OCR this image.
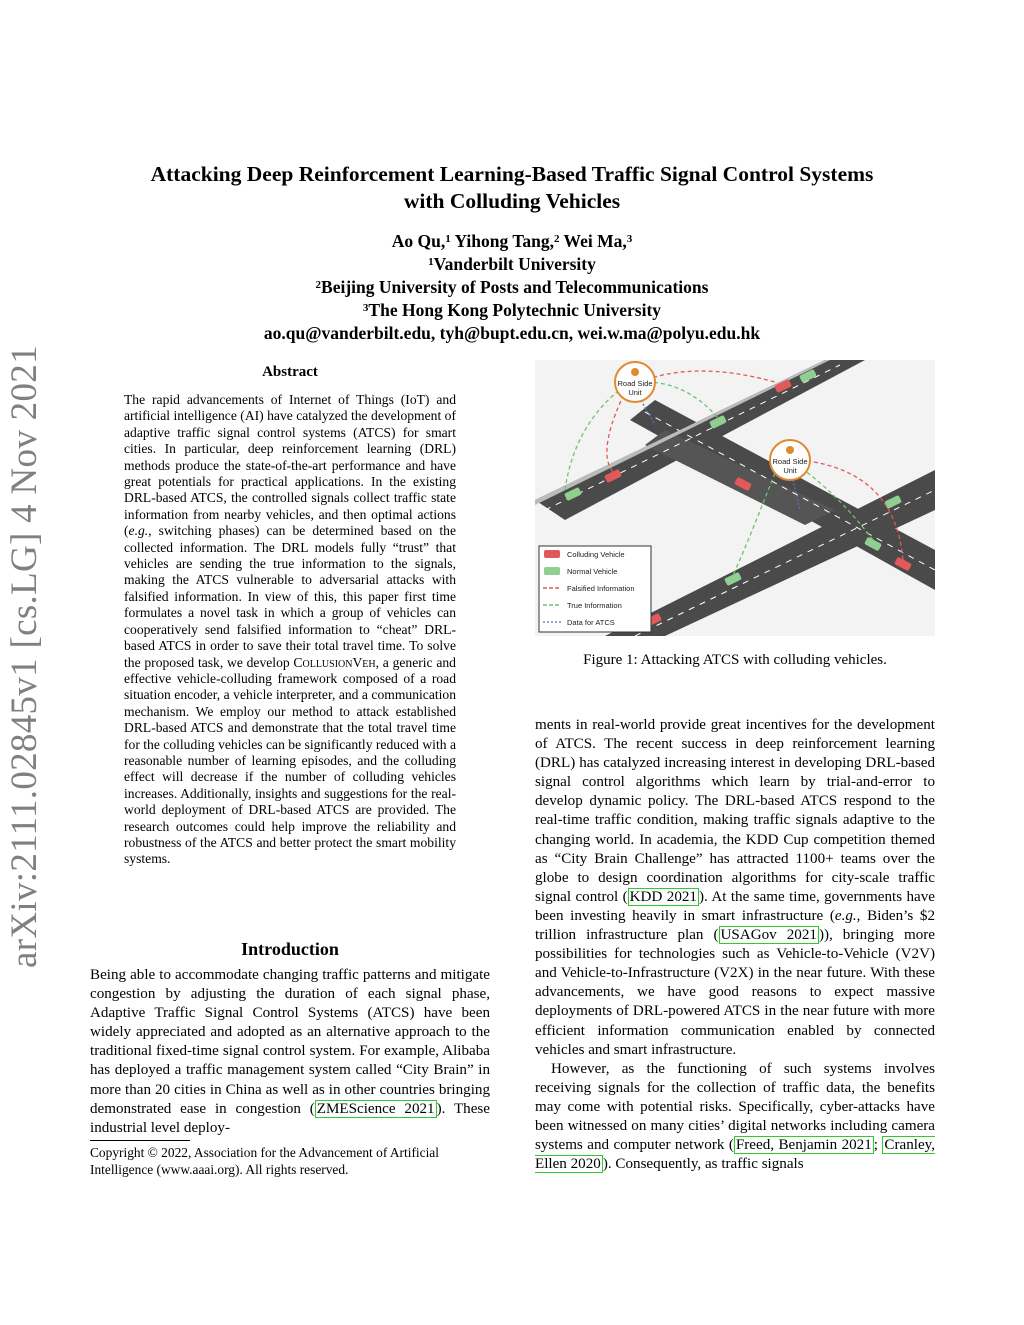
arXiv:2111.02845v1 [cs.LG] 4 Nov 2021
Attacking Deep Reinforcement Learning-Based Traffic Signal Control Systems
with Colluding Vehicles
Ao Qu,$^1$ Yihong Tang,$^2$ Wei Ma,$^3$
$^1$Vanderbilt University
$^2$Beijing University of Posts and Telecommunications
$^3$The Hong Kong Polytechnic University
ao.qu@vanderbilt.edu, tyh@bupt.edu.cn, wei.w.ma@polyu.edu.hk
Abstract

The rapid advancements of Internet of Things (IoT) and artificial intelligence (AI) have catalyzed the development of adaptive traffic signal control systems (ATCS) for smart cities. In particular, deep reinforcement learning (DRL) methods produce the state-of-the-art performance and have great potentials for practical applications. In the existing DRL-based ATCS, the controlled signals collect traffic state information from nearby vehicles, and then optimal actions (e.g., switching phases) can be determined based on the collected information. The DRL models fully “trust” that vehicles are sending the true information to the signals, making the ATCS vulnerable to adversarial attacks with falsified information. In view of this, this paper first time formulates a novel task in which a group of vehicles can cooperatively send falsified information to “cheat” DRL-based ATCS in order to save their total travel time. To solve the proposed task, we develop CollusionVeh, a generic and effective vehicle-colluding framework composed of a road situation encoder, a vehicle interpreter, and a communication mechanism. We employ our method to attack established DRL-based ATCS and demonstrate that the total travel time for the colluding vehicles can be significantly reduced with a reasonable number of learning episodes, and the colluding effect will decrease if the number of colluding vehicles increases. Additionally, insights and suggestions for the real-world deployment of DRL-based ATCS are provided. The research outcomes could help improve the reliability and robustness of the ATCS and better protect the smart mobility systems.

Introduction

Being able to accommodate changing traffic patterns and mitigate congestion by adjusting the duration of each signal phase, Adaptive Traffic Signal Control Systems (ATCS) have been widely appreciated and adopted as an alternative approach to the traditional fixed-time signal control system. For example, Alibaba has deployed a traffic management system called “City Brain” in more than 20 cities in China as well as in other countries bringing demonstrated ease in congestion ( ZMEScience 2021 ). These industrial level deploy-

Copyright © 2022, Association for the Advancement of Artificial Intelligence (www.aaai.org). All rights reserved.
Road Side
Unit
Road Side
Unit
Colluding Vehicle
Normal Vehicle
Falsified Information
True Information
Data for ATCS
Figure 1: Attacking ATCS with colluding vehicles.

ments in real-world provide great incentives for the development of ATCS. The recent success in deep reinforcement learning (DRL) has catalyzed increasing interest in developing DRL-based signal control algorithms which learn by trial-and-error to develop dynamic policy. The DRL-based ATCS respond to the real-time traffic condition, making traffic signals adaptive to the changing world. In academia, the KDD Cup competition themed as “City Brain Challenge” has attracted 1100+ teams over the globe to design coordination algorithms for city-scale traffic signal control ( KDD 2021 ). At the same time, governments have been investing heavily in smart infrastructure (e.g., Biden’s $2 trillion infrastructure plan ( USAGov 2021 )), bringing more possibilities for technologies such as Vehicle-to-Vehicle (V2V) and Vehicle-to-Infrastructure (V2X) in the near future. With these advancements, we have good reasons to expect massive deployments of DRL-powered ATCS in the near future with more efficient information communication enabled by connected vehicles and smart infrastructure.

However, as the functioning of such systems involves receiving signals for the collection of traffic data, the benefits may come with potential risks. Specifically, cyber-attacks have been witnessed on many cities’ digital networks including camera systems and computer network ( Freed, Benjamin 2021 ; Cranley, Ellen 2020 ). Consequently, as traffic signals
